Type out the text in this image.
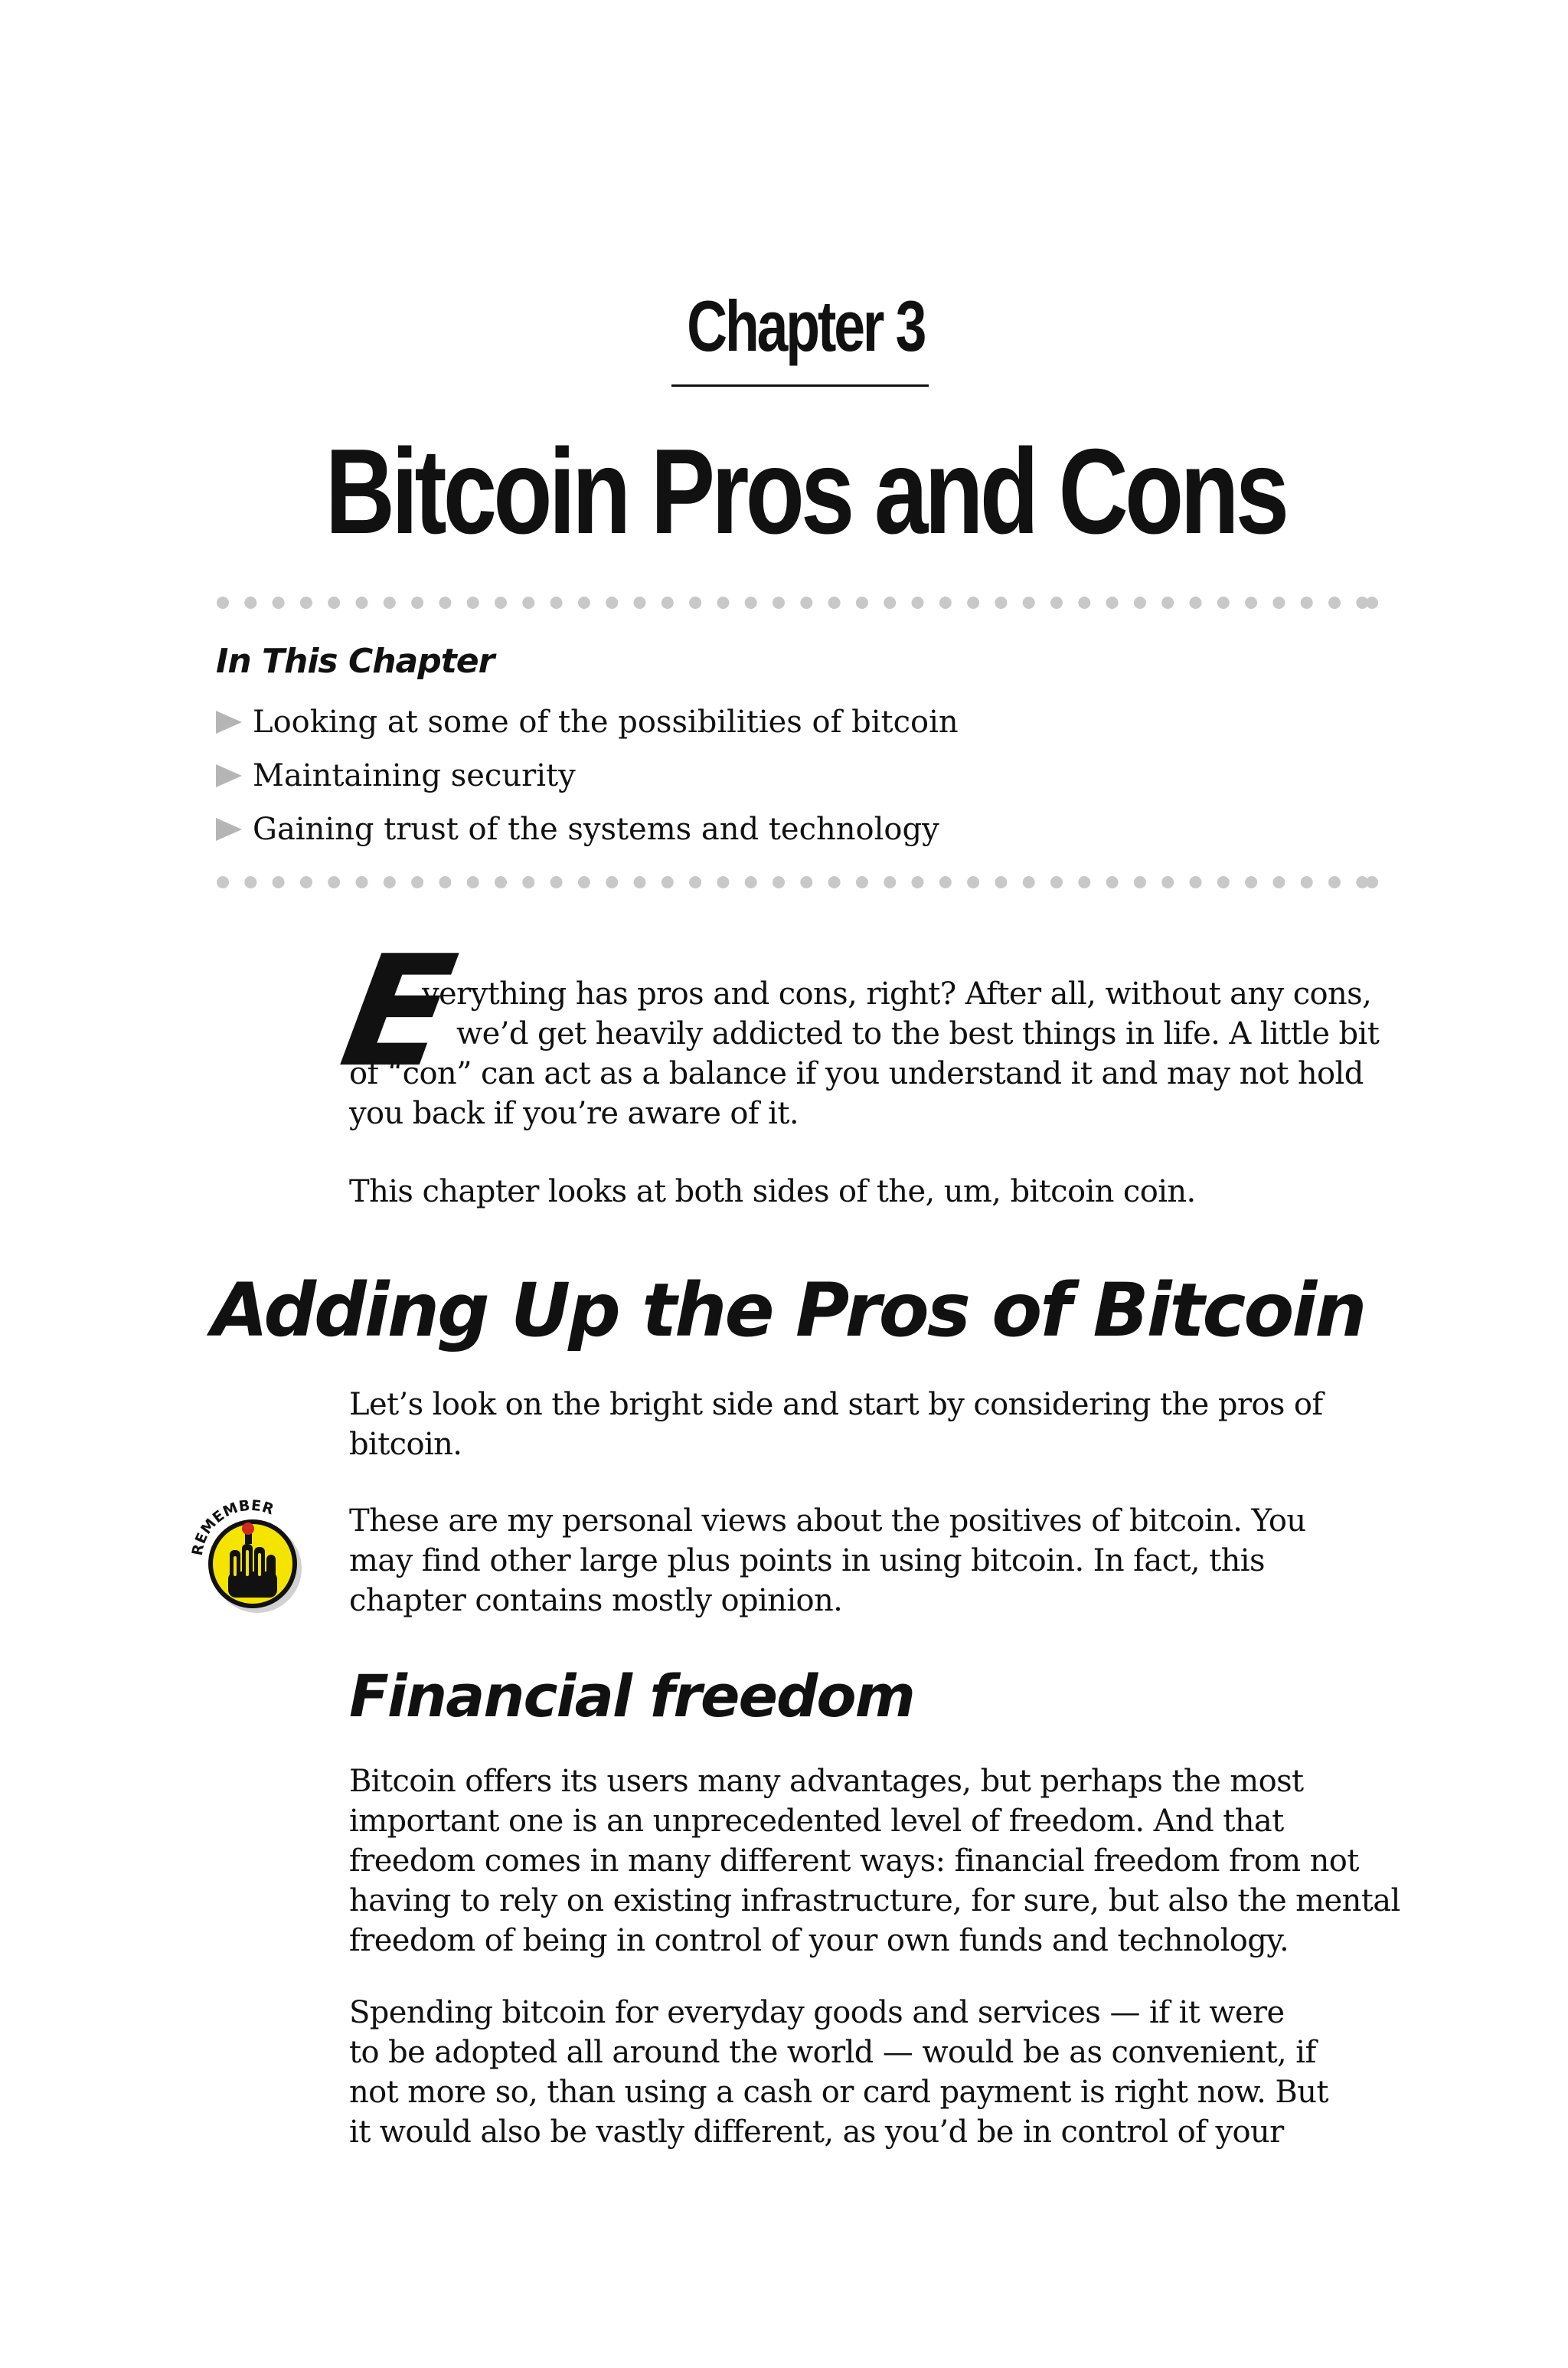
Chapter 3
Bitcoin Pros and Cons
In This Chapter
Looking at some of the possibilities of bitcoin
Maintaining security
Gaining trust of the systems and technology
E
verything has pros and cons, right? After all, without any cons,
we’d get heavily addicted to the best things in life. A little bit
of “con” can act as a balance if you understand it and may not hold
you back if you’re aware of it.
This chapter looks at both sides of the, um, bitcoin coin.
Adding Up the Pros of Bitcoin
Let’s look on the bright side and start by considering the pros of
bitcoin.
REMEMBER These are my personal views about the positives of bitcoin. You
may find other large plus points in using bitcoin. In fact, this
chapter contains mostly opinion.
Financial freedom
Bitcoin offers its users many advantages, but perhaps the most
important one is an unprecedented level of freedom. And that
freedom comes in many different ways: financial freedom from not
having to rely on existing infrastructure, for sure, but also the mental
freedom of being in control of your own funds and technology.
Spending bitcoin for everyday goods and services — if it were
to be adopted all around the world — would be as convenient, if
not more so, than using a cash or card payment is right now. But
it would also be vastly different, as you’d be in control of your
